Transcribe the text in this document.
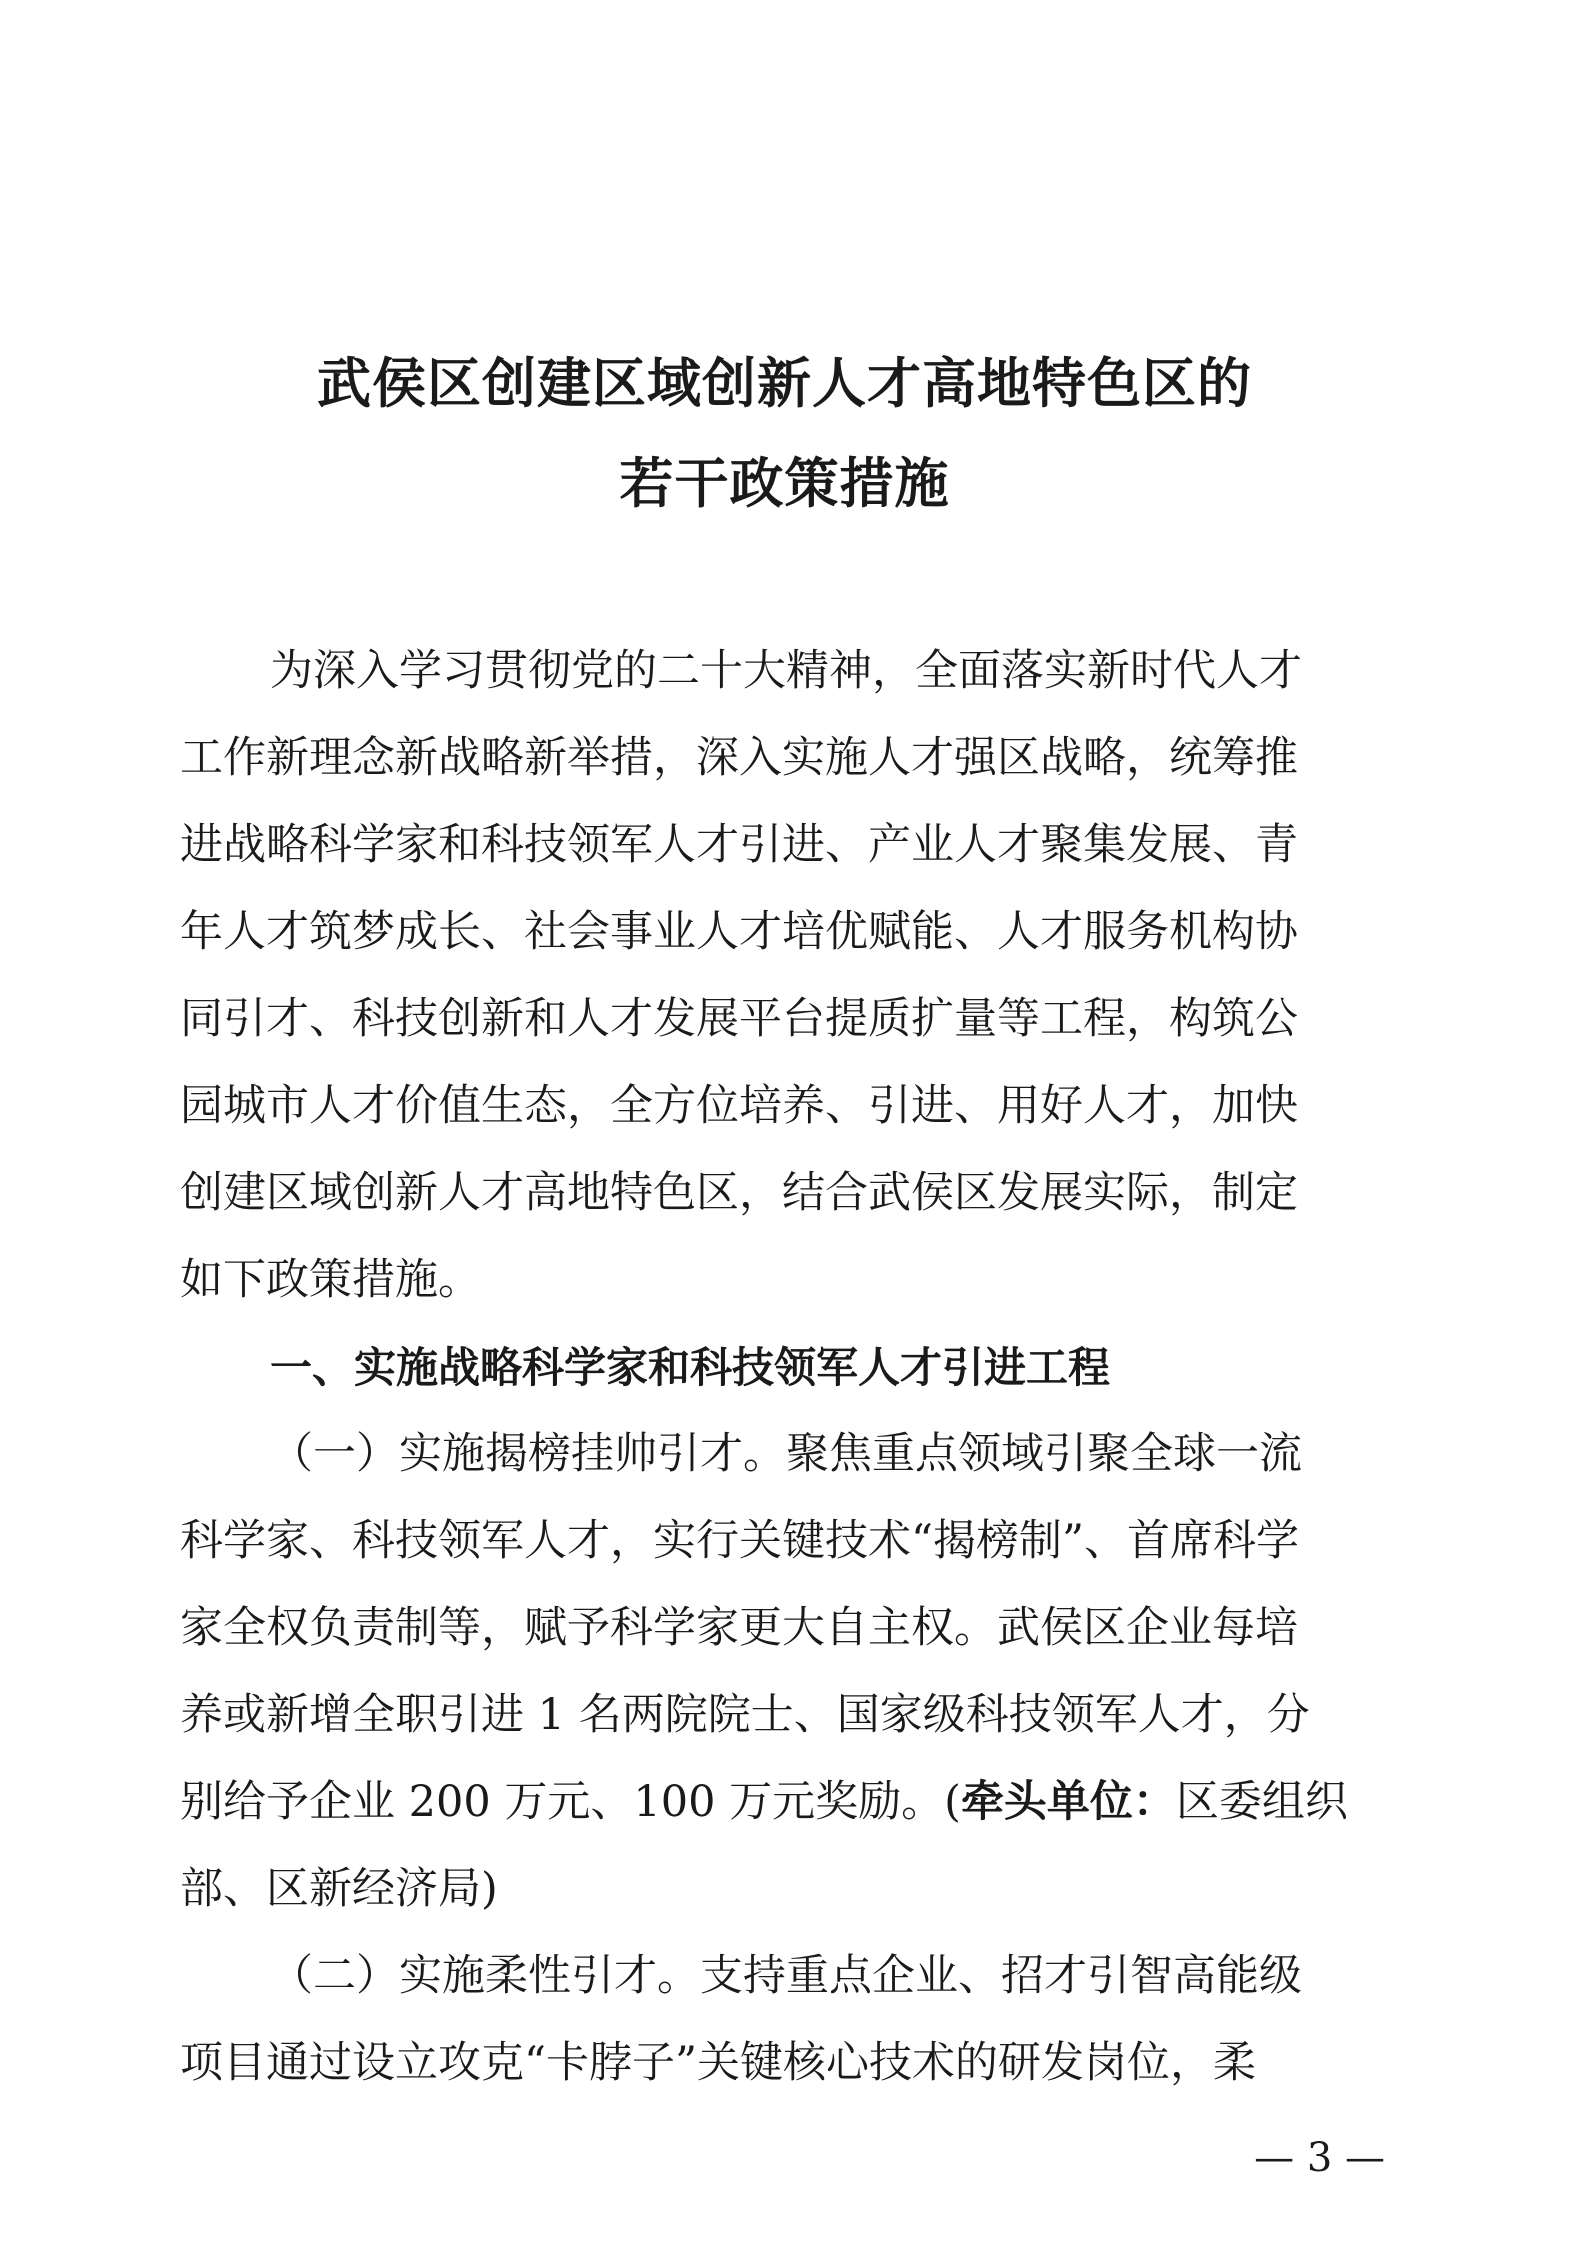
武侯区创建区域创新人才高地特色区的
若干政策措施
为深入学习贯彻党的二十大精神，全面落实新时代人才
工作新理念新战略新举措，深入实施人才强区战略，统筹推
进战略科学家和科技领军人才引进、产业人才聚集发展、青
年人才筑梦成长、社会事业人才培优赋能、人才服务机构协
同引才、科技创新和人才发展平台提质扩量等工程，构筑公
园城市人才价值生态，全方位培养、引进、用好人才，加快
创建区域创新人才高地特色区，结合武侯区发展实际，制定
如下政策措施。
一、实施战略科学家和科技领军人才引进工程
（一）实施揭榜挂帅引才。聚焦重点领域引聚全球一流
科学家、科技领军人才，实行关键技术“揭榜制”、首席科学
家全权负责制等，赋予科学家更大自主权。武侯区企业每培
养或新增全职引进 1 名两院院士、国家级科技领军人才，分
别给予企业 200 万元、100 万元奖励。(牵头单位：区委组织
部、区新经济局)
（二）实施柔性引才。支持重点企业、招才引智高能级
项目通过设立攻克“卡脖子”关键核心技术的研发岗位，柔
— 3 —
